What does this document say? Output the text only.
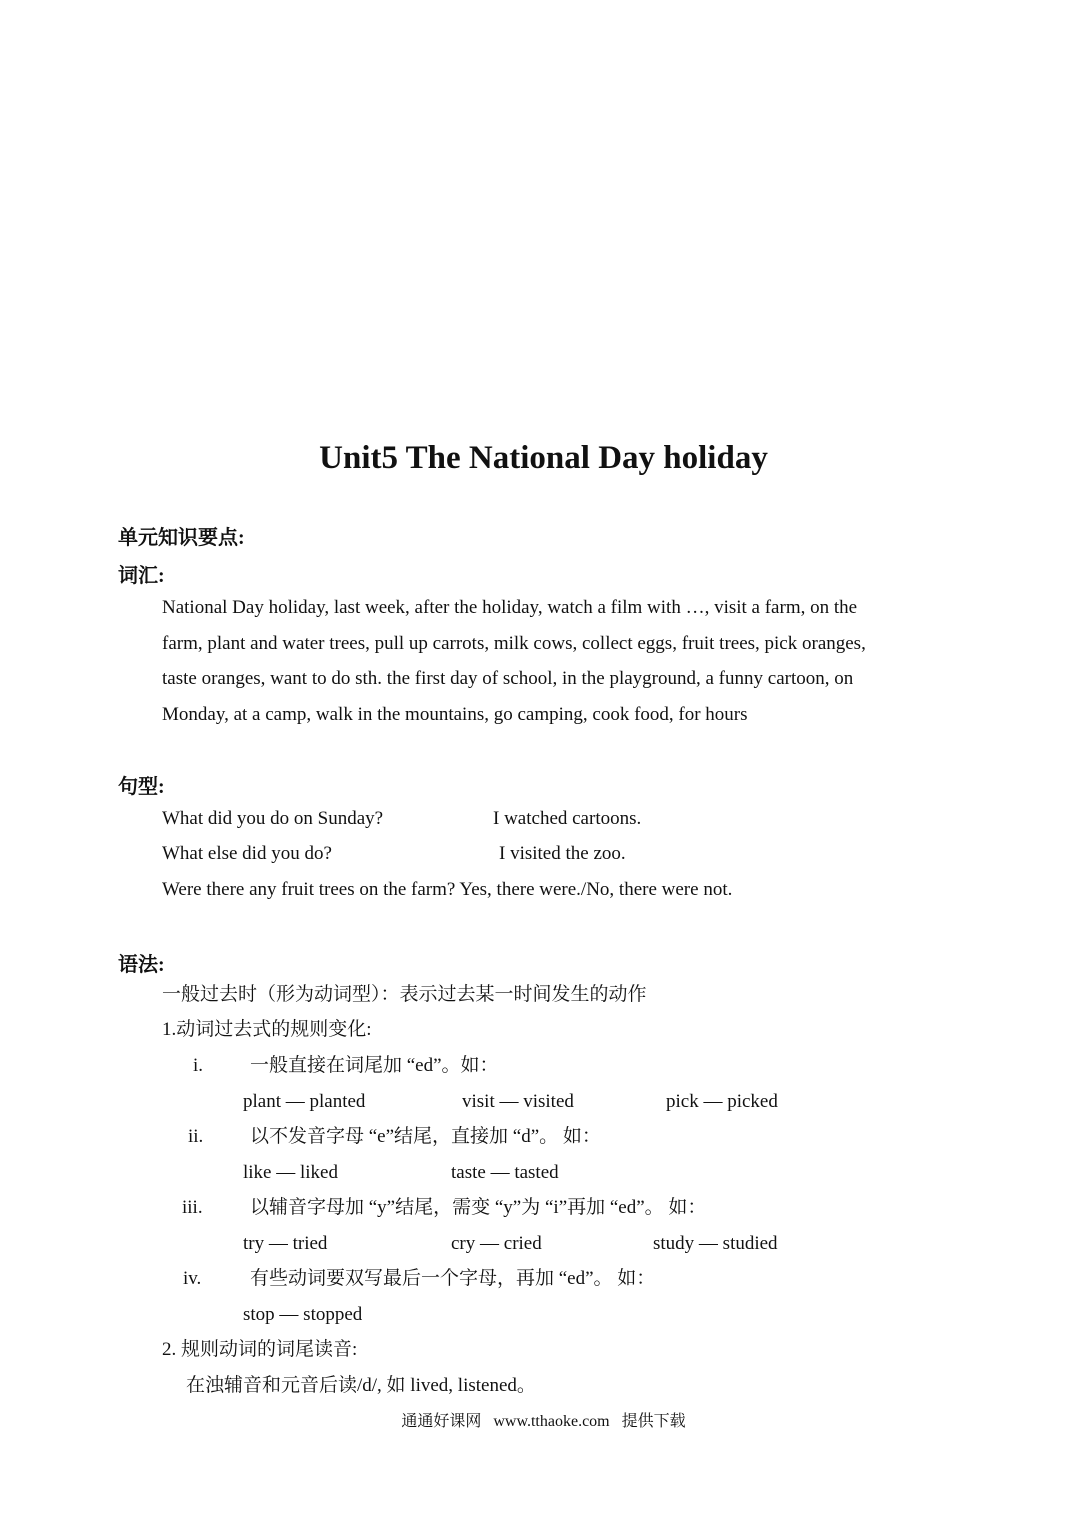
Unit5 The National Day holiday
单元知识要点:
词汇:
National Day holiday, last week, after the holiday, watch a film with …, visit a farm, on the
farm, plant and water trees, pull up carrots, milk cows, collect eggs, fruit trees, pick oranges,
taste oranges, want to do sth. the first day of school, in the playground, a funny cartoon, on
Monday, at a camp, walk in the mountains, go camping, cook food, for hours
句型:
What did you do on Sunday?	I watched cartoons.
What else did you do?	I visited the zoo.
Were there any fruit trees on the farm? Yes, there were./No, there were not.
语法:
一般过去时（形为动词型）：表示过去某一时间发生的动作
1.动词过去式的规则变化:
i. 一般直接在词尾加 “ed”。如：
plant — planted	visit — visited	pick — picked
ii. 以不发音字母 “e”结尾，直接加 “d”。 如：
like — liked	taste — tasted
iii. 以辅音字母加 “y”结尾，需变 “y”为 “i”再加 “ed”。 如：
try — tried	cry — cried	study — studied
iv.	有些动词要双写最后一个字母，再加 “ed”。 如：
stop — stopped
2. 规则动词的词尾读音:
在浊辅音和元音后读/d/, 如 lived, listened。
通通好课网 www.tthaoke.com 提供下载
